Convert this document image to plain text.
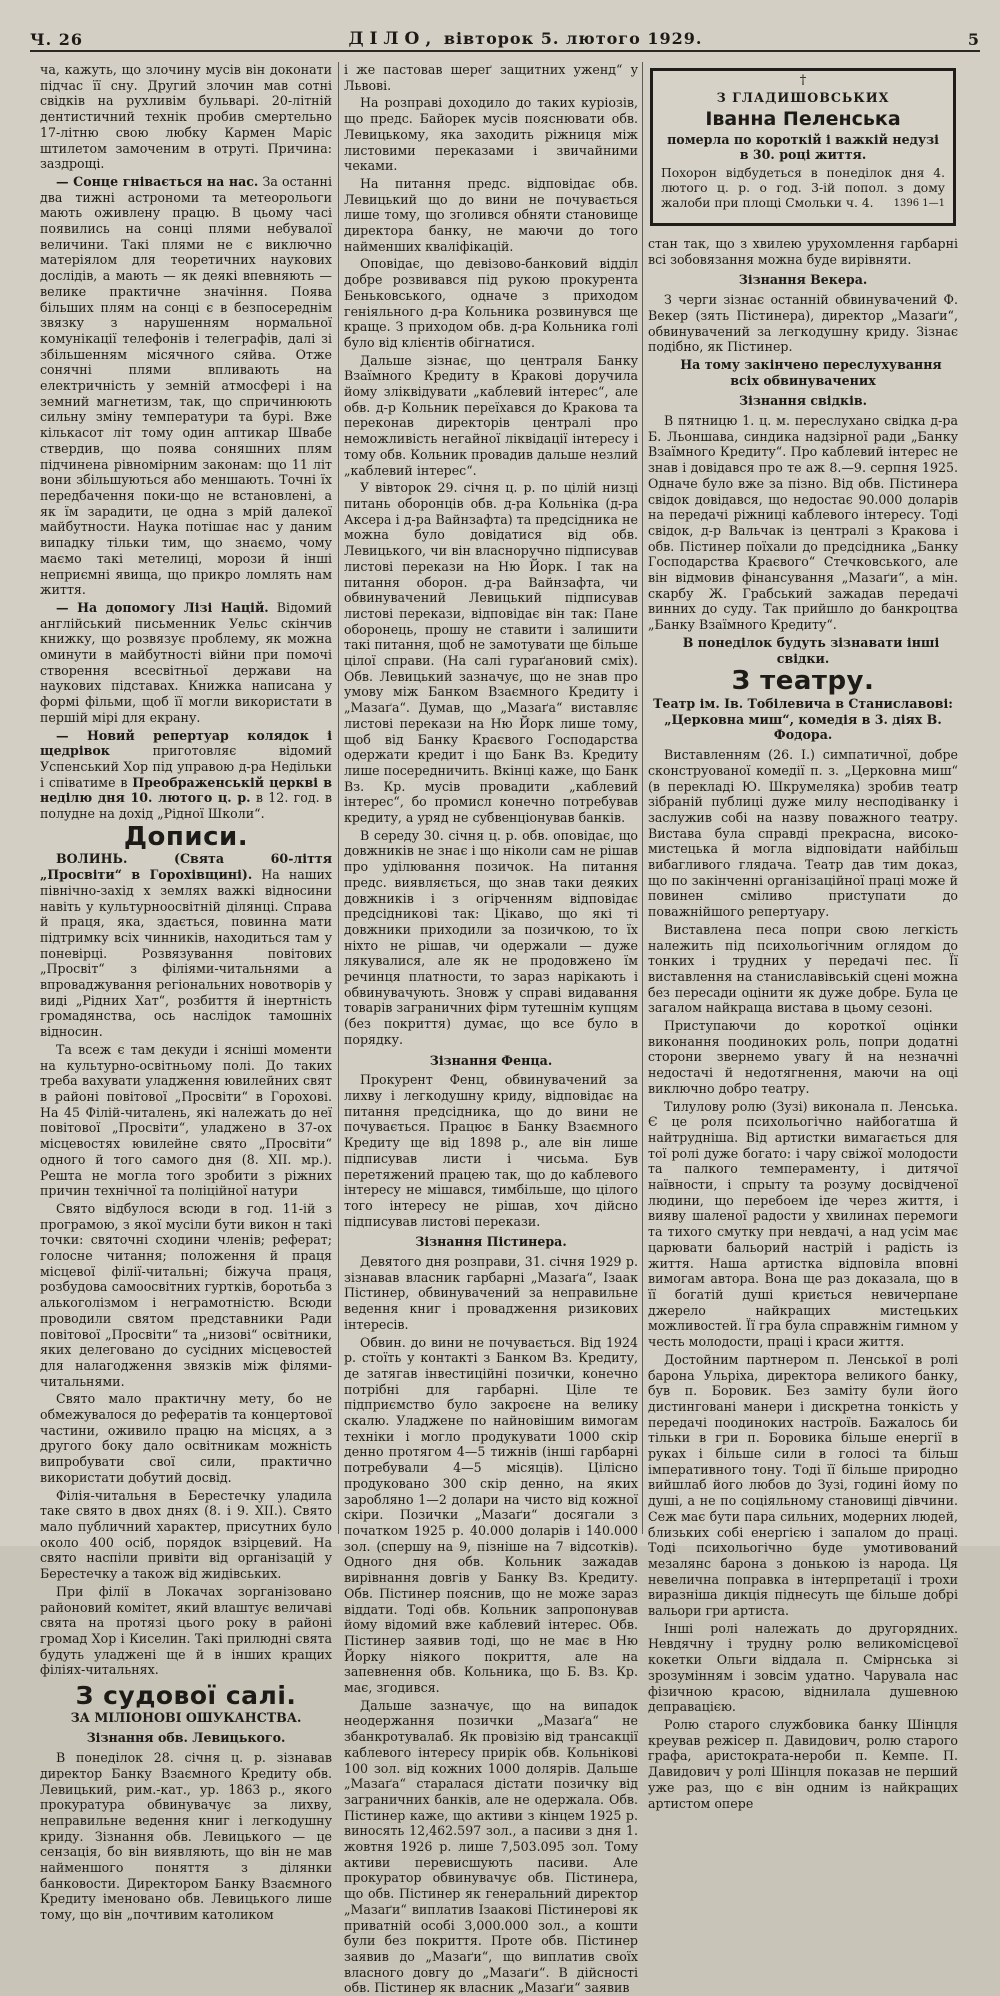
Ч. 26	ДІЛО, вівторок 5. лютого 1929.	5

ча, кажуть, що злочину мусів він доконати підчас її сну. Другий злочин мав сотні свідків на рухливім бульварі. 20-літній дентистичний технік пробив смертельно 17-літню свою любку Кармен Маріс штилетом замоченим в отруті. Причина: заздрощі.

— Сонце гнівається на нас. За останні два тижні астрономи та метеорольоги мають оживлену працю. В цьому часі появились на сонці плями небувалої величини. Такі плями не є виключно матеріялом для теоретичних наукових дослідів, а мають — як деякі впевняють — велике практичне значіння. Поява більших плям на сонці є в безпосереднім звязку з нарушенням нормальної комунікації телефонів і телеграфів, далі зі збільшенням місячного сяйва. Отже сонячні плями впливають на електричність у земній атмосфері і на земний магнетизм, так, що спричинюють сильну зміну температури та бурі. Вже кількасот літ тому один аптикар Швабе ствердив, що поява соняшних плям підчинена рівномірним законам: що 11 літ вони збільшуються або меншають. Точні їх передбачення поки-що не встановлені, а як їм зарадити, це одна з мрій далекої майбутности. Наука потішає нас у даним випадку тільки тим, що знаємо, чому маємо такі метелиці, морози й інші неприємні явища, що прикро ломлять нам життя.

— На допомогу Лізі Націй. Відомий англійський письменник Уельс скінчив книжку, що розвязує проблему, як можна оминути в майбутності війни при помочі створення всесвітньої держави на наукових підставах. Книжка написана у формі фільми, щоб її могли використати в першій мірі для екрану.

— Новий репертуар колядок і щедрівок	приготовляє відомий Успенський Хор під управою д-ра Недільки і співатиме в Преображенській церкві в неділю дня 10. лютого ц. р. в 12. год. в полудне на дохід „Рідної Школи“.

Дописи.

ВОЛИНЬ. (Свята 60-ліття „Просвіти“ в Горохівщині). На наших північно-захід х землях важкі відносини навіть у культурноосвітній ділянці. Справа й праця, яка, здається, повинна мати підтримку всіх чинників, находиться там у поневірці. Розвязування повітових „Просвіт“ з філіями-читальнями а впроваджування регіональних новотворів у виді „Рідних Хат“, розбиття й інертність громадянства, ось наслідок тамошніх відносин.

Та всеж є там декуди і ясніші моменти на культурно-освітньому полі. До таких треба вахувати уладження ювилейних свят в районі повітової „Просвіти“ в Горохові. На 45 Філій-читалень, які належать до неї повітової „Просвіти“, уладжено в 37-ох місцевостях ювилейне свято „Просвіти“ одного й того самого дня (8. XII. мр.). Решта не могла того зробити з ріжних причин технічної та поліційної натури

Свято відбулося всюди в год. 11-ій з програмою, з якої мусіли бути викон н такі точки: святочні сходини членів; реферат; голосне читання; положення й праця місцевої філії-читальні; біжуча праця, розбудова самоосвітних гуртків, боротьба з алькоголізмом і неграмотністю. Всюди проводили святом представники Ради повітової „Просвіти“ та „низові“ освітники, яких делеговано до сусідних місцевостей для налагодження звязків між філями-читальнями.

Свято мало практичну мету, бо не обмежувалося до рефератів та концертової частини, оживило працю на місцях, а з другого боку дало освітникам можність випробувати свої сили, практично використати добутий досвід.

Філія-читальня в Берестечку уладила таке свято в двох днях (8. і 9. XII.). Свято мало публичний характер, присутних було около 400 осіб, порядок взірцевий. На свято наспіли привіти від організацій у Берестечку а також від жидівських.

При філії в Локачах зорганізовано районовий комітет, який влаштує величаві свята на протязі цього року в районі громад Хор і Киселин. Такі прилюдні свята будуть уладжені ще й в інших кращих філіях-читальнях.

З судової салі.
ЗА МІЛІОНОВІ ОШУКАНСТВА.
Зізнання обв. Левицького.

В понеділок 28. січня ц. р. зізнавав директор Банку Взаємного Кредиту обв. Левицький, рим.-кат., ур. 1863 р., якого прокуратура обвинувачує за лихву, неправильне ведення книг і легкодушну криду. Зізнання обв. Левицького — це сензація, бо він виявляють, що він не мав найменшого поняття з ділянки банковости. Директором Банку Взаємного Кредиту іменовано обв. Левицького лише тому, що він „почтивим католиком

і же пастовав шереґ защитних уженд“ у Львові.

На розправі доходило до таких куріозів, що предс. Байорек мусів пояснювати обв. Левицькому, яка заходить ріжниця між листовими переказами і звичайними чеками.

На питання предс. відповідає обв. Левицький що до вини не почувається лише тому, що зголився обняти становище директора банку, не маючи до того найменших кваліфікацій.

Оповідає, що девізово-банковий відділ добре розвивався під рукою прокурента Беньковського, одначе з приходом геніяльного д-ра Кольника розвинувся ще краще. З приходом обв. д-ра Кольника голі було від клієнтів обігнатися.

Дальше зізнає, що централя Банку Взаїмного Кредиту в Кракові доручила йому зліквідувати „каблевий інтерес“, але обв. д-р Кольник переїхався до Кракова та переконав директорів централі про неможливість негайної ліквідації інтересу і тому обв. Кольник провадив дальше незлий „каблевий інтерес“.

У вівторок 29. січня ц. р. по цілій низці питань оборонців обв. д-ра Кольніка (д-ра Аксера і д-ра Вайнзафта) та предсідника не можна було довідатися від обв. Левицького, чи він власноручно підписував листові перекази на Ню Йорк. І так на питання оборон. д-ра Вайнзафта, чи обвинувачений Левицький підписував листові перекази, відповідає він так: Пане оборонець, прошу не ставити і залишити такі питання, щоб не замотувати ще більше цілої справи. (На салі гураґановий сміх). Обв. Левицький зазначує, що не знав про умову між Банком Взаємного Кредиту і „Мазаґа“. Думав, що „Мазаґа“ виставляє листові перекази на Ню Йорк лише тому, щоб від Банку Краєвого Господарства одержати кредит і що Банк Вз. Кредиту лише посередничить. Вкінці каже, що Банк Вз. Кр. мусів провадити „каблевий інтерес“, бо промисл конечно потребував кредиту, а уряд не субвенціонував банків.

В середу 30. січня ц. р. обв. оповідає, що довжників не знає і що ніколи сам не рішав про уділювання позичок. На питання предс. виявляється, що знав таки деяких довжників і з огірченням відповідає предсідникові так: Цікаво, що які ті довжники приходили за позичкою, то їх ніхто не рішав, чи одержали — дуже лякувалися, але як не продовжено їм речинця платности, то зараз нарікають і обвинувачують. Зновж у справі видавання товарів заграничних фірм тутешнім купцям (без покриття) думає, що все було в порядку.

Зізнання Фенца.

Прокурент Фенц, обвинувачений за лихву і легкодушну криду, відповідає на питання предсідника, що до вини не почувається. Працює в Банку Взаємного Кредиту ще від 1898 р., але він лише підписував листи і чисьма. Був перетяжений працею так, що до каблевого інтересу не мішався, тимбільше, що цілого того інтересу не рішав, хоч дійсно підписував листові перекази.

Зізнання Пістинера.

Девятого дня розправи, 31. січня 1929 р. зізнавав власник гарбарні „Мазаґа“, Ізаак Пістинер, обвинувачений за неправильне ведення книг і провадження ризикових інтересів.

Обвин. до вини не почувається. Від 1924 р. стоїть у контакті з Банком Вз. Кредиту, де затягав інвестиційні позички, конечно потрібні для гарбарні. Ціле те підприємство було закроєне на велику скалю. Уладжене по найновішим вимогам техніки і могло продукувати 1000 скір денно протягом 4—5 тижнів (інші гарбарні потребували 4—5 місяців). Цілісно продуковано 300 скір денно, на яких заробляно 1—2 долари на чисто від кожної скіри. Позички „Мазаґи“ досягали з початком 1925 р. 40.000 доларів і 140.000 зол. (спершу на 9, пізніше на 7 відсотків). Одного дня обв. Кольник зажадав вирівнання довгів у Банку Вз. Кредиту. Обв. Пістинер пояснив, що не може зараз віддати. Тоді обв. Кольник запропонував йому відомий вже каблевий інтерес. Обв. Пістинер заявив тоді, що не має в Ню Йорку ніякого покриття, але на запевнення обв. Кольника, що Б. Вз. Кр. має, згодився.

Дальше зазначує, що на випадок неодержання позички „Мазаґа“ не збанкротувалаб. Як провізію від трансакції каблевого інтересу прирік обв. Кольнікові 100 зол. від кожних 1000 долярів. Дальше „Мазаґа“ старалася дістати позичку від заграничних банків, але не одержала. Обв. Пістинер каже, що активи з кінцем 1925 р. виносять 12,462.597 зол., а пасиви з дня 1. жовтня 1926 р. лише 7,503.095 зол. Тому активи перевисшують пасиви. Але прокуратор обвинувачує обв. Пістинера, що обв. Пістинер як генеральний директор „Мазаґи“ виплатив Ізаакові Пістинерові як приватній особі 3,000.000 зол., а кошти були без покриття. Проте обв. Пістинер заявив до „Мазаґи“, що виплатив своїх власного довгу до „Мазаґи“. В дійсності обв. Пістинер як власник „Мазаґи“ заявив

†
З ГЛАДИШОВСЬКИХ
Іванна Пеленська
померла по короткій і важкій недузі в 30. році життя.
Похорон відбудеться в понеділок дня 4. лютого ц. р. о год. 3-ій попол. з дому жалоби при площі Смольки ч. 4. 1396 1—1

стан так, що з хвилею урухомлення гарбарні всі зобовязання можна буде вирівняти.

Зізнання Векера.

З черги зізнає останній обвинувачений Ф. Векер (зять Пістинера), директор „Мазаґи“, обвинувачений за легкодушну криду. Зізнає подібно, як Пістинер.

На тому закінчено переслухування всіх обвинувачених

Зізнання свідків.

В пятницю 1. ц. м. переслухано свідка д-ра Б. Льоншава, синдика надзірної ради „Банку Взаїмного Кредиту“. Про каблевий інтерес не знав і довідався про те аж 8.—9. серпня 1925. Одначе було вже за пізно. Від обв. Пістинера свідок довідався, що недостає 90.000 доларів на передачі ріжниці каблевого інтересу. Тоді свідок, д-р Вальчак із централі з Кракова і обв. Пістинер поїхали до предсідника „Банку Господарства Краєвого“ Стечковського, але він відмовив фінансування „Мазаґи“, а мін. скарбу Ж. Грабський зажадав передачі винних до суду. Так прийшло до банкроцтва „Банку Взаїмного Кредиту“.

В понеділок будуть зізнавати інші свідки.

З театру.
Театр ім. Ів. Тобілевича в Станиславові: „Церковна миш“, комедія в 3. діях В. Фодора.

Виставленням (26. І.) симпатичної, добре сконструованої комедії п. з. „Церковна миш“ (в перекладі Ю. Шкрумеляка) зробив театр зібраній публиці дуже милу несподіванку і заслужив собі на назву поважного театру. Вистава була справді прекрасна, високо-мистецька й могла відповідати найбільш вибагливого глядача. Театр дав тим доказ, що по закінченні організаційної праці може й повинен сміливо приступати до поважнійшого репертуару.

Виставлена песа попри свою легкість належить під психольогічним оглядом до тонких і трудних у передачі пес. Її виставлення на станиславівській сцені можна без пересади оцінити як дуже добре. Була це загалом найкраща вистава в цьому сезоні.

Приступаючи до короткої оцінки виконання поодиноких роль, попри додатні сторони звернемо увагу й на незначні недостачі й недотягнення, маючи на оці виключно добро театру.

Тилулову ролю (Зузі) виконала п. Ленська. Є це роля психольогічно найбогатша й найтрудніша. Від артистки вимагається для тої ролі дуже богато: і чару свіжої молодости та палкого темпераменту, і дитячої наївности, і спрыту та розуму досвідченої людини, що перебоем іде через життя, і вияву шаленої радости у хвилинах перемоги та тихого смутку при невдачі, а над усім має царювати бальорий настрій і радість із життя. Наша артистка відповіла вповні вимогам автора. Вона ще раз доказала, що в її богатій душі криється невичерпане джерело найкращих мистецьких можливостей. Її гра була справжнім гимном у честь молодости, праці і краси життя.

Достойним партнером п. Ленської в ролі барона Ульріха, директора великого банку, був п. Боровик. Без заміту були його дистинговані манери і дискретна тонкість у передачі поодиноких настроїв. Бажалось би тільки в гри п. Боровика більше енергії в руках і більше сили в голосі та більш імперативного тону. Тоді її більше природно вийшлаб його любов до Зузі, годині йому по душі, а не по соціяльному становищі дівчини. Сеж має бути пара сильних, модерних людей, близьких собі енергією і запалом до праці. Тоді психольогічно буде умотивований мезалянс барона з донькою із народа. Ця невелична поправка в інтерпретації і трохи виразніша дикція піднесуть ще більше добрі вальори гри артиста.

Інші ролі належать до другорядних. Невдячну і трудну ролю великомісцевої кокетки Ольги віддала п. Смірнська зі зрозумінням і зовсім удатно. Чарувала нас фізичною красою, віднилала душевною деправацією.

Ролю старого службовика банку Шінцля креував режісер п. Давидович, ролю старого графа, аристократа-нероби п. Кемпе. П. Давидович у ролі Шінцля показав не перший уже раз, що є він одним із найкращих артистом опере
